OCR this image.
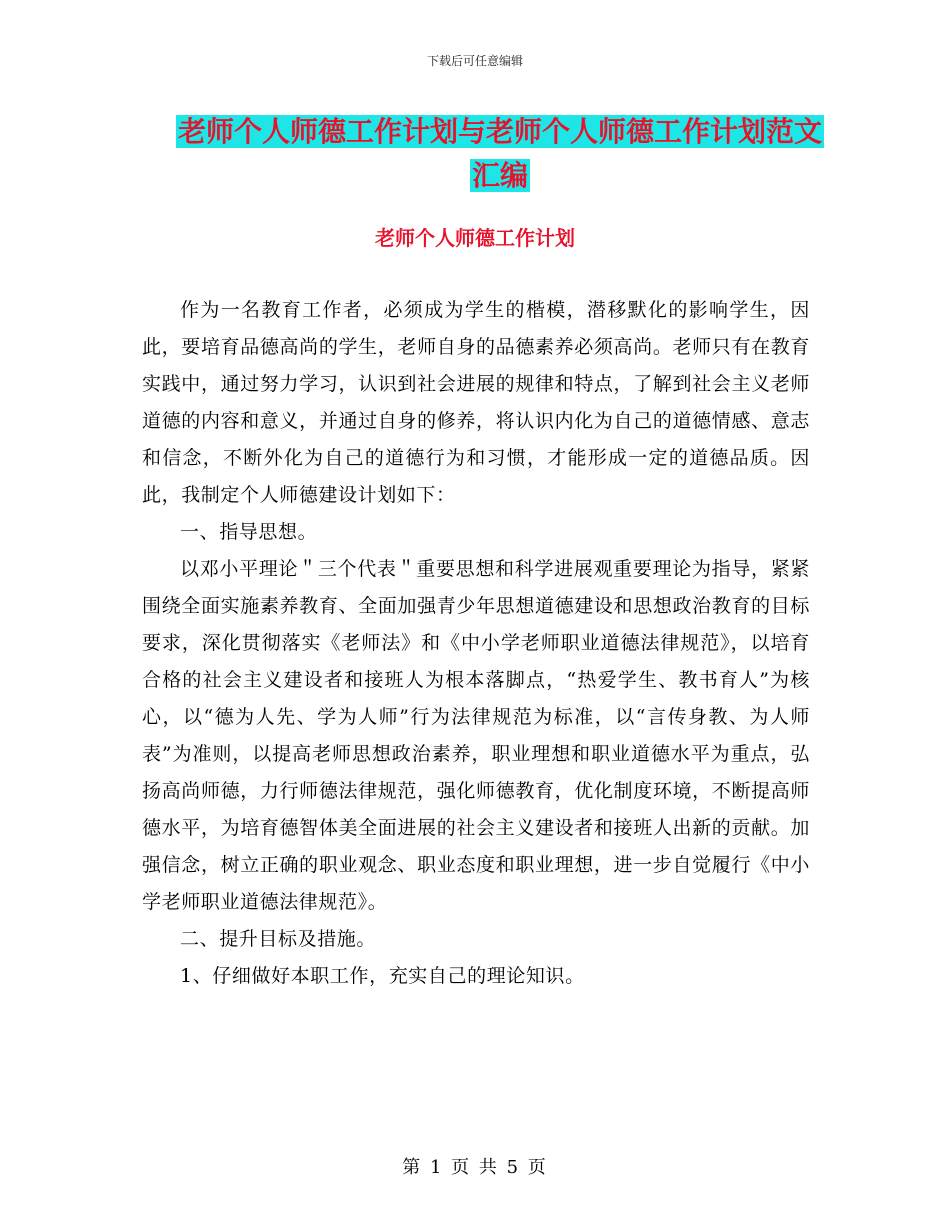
下载后可任意编辑
老师个人师德工作计划与老师个人师德工作计划范文
汇编
老师个人师德工作计划

作为一名教育工作者，必须成为学生的楷模，潜移默化的影响学生，因此，要培育品德高尚的学生，老师自身的品德素养必须高尚。老师只有在教育实践中，通过努力学习，认识到社会进展的规律和特点，了解到社会主义老师道德的内容和意义，并通过自身的修养，将认识内化为自己的道德情感、意志和信念，不断外化为自己的道德行为和习惯，才能形成一定的道德品质。因此，我制定个人师德建设计划如下：

一、指导思想。

以邓小平理论＂三个代表＂重要思想和科学进展观重要理论为指导，紧紧围绕全面实施素养教育、全面加强青少年思想道德建设和思想政治教育的目标要求，深化贯彻落实《老师法》和《中小学老师职业道德法律规范》，以培育合格的社会主义建设者和接班人为根本落脚点，“热爱学生、教书育人”为核心，以“德为人先、学为人师”行为法律规范为标准，以“言传身教、为人师表”为准则，以提高老师思想政治素养，职业理想和职业道德水平为重点，弘扬高尚师德，力行师德法律规范，强化师德教育，优化制度环境，不断提高师德水平，为培育德智体美全面进展的社会主义建设者和接班人出新的贡献。加强信念，树立正确的职业观念、职业态度和职业理想，进一步自觉履行《中小学老师职业道德法律规范》。

二、提升目标及措施。

1、仔细做好本职工作，充实自己的理论知识。

第 1 页 共 5 页
